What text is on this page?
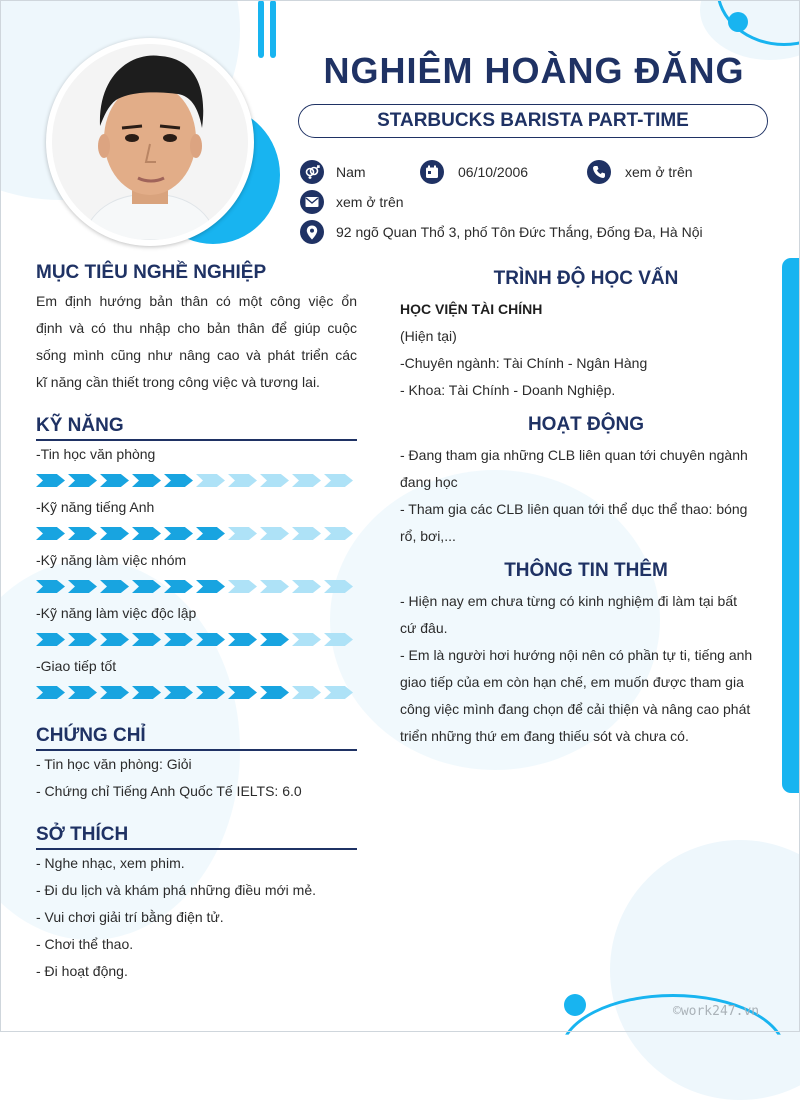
NGHIÊM HOÀNG ĐĂNG
STARBUCKS BARISTA PART-TIME
Nam	06/10/2006	xem ở trên
xem ở trên
92 ngõ Quan Thổ 3, phố Tôn Đức Thắng, Đống Đa, Hà Nội
MỤC TIÊU NGHỀ NGHIỆP
Em định hướng bản thân có một công việc ổn
định và có thu nhập cho bản thân để giúp cuộc
sống mình cũng như nâng cao và phát triển các
kĩ năng cần thiết trong công việc và tương lai.
KỸ NĂNG
-Tin học văn phòng
-Kỹ năng tiếng Anh
-Kỹ năng làm việc nhóm
-Kỹ năng làm việc độc lập
-Giao tiếp tốt
CHỨNG CHỈ
- Tin học văn phòng: Giỏi
- Chứng chỉ Tiếng Anh Quốc Tế IELTS: 6.0
SỞ THÍCH
- Nghe nhạc, xem phim.
- Đi du lịch và khám phá những điều mới mẻ.
- Vui chơi giải trí bằng điện tử.
- Chơi thể thao.
- Đi hoạt động.
TRÌNH ĐỘ HỌC VẤN
HỌC VIỆN TÀI CHÍNH
(Hiện tại)
-Chuyên ngành: Tài Chính - Ngân Hàng
- Khoa: Tài Chính - Doanh Nghiệp.
HOẠT ĐỘNG
- Đang tham gia những CLB liên quan tới chuyên ngành
đang học
- Tham gia các CLB liên quan tới thể dục thể thao: bóng
rổ, bơi,...
THÔNG TIN THÊM
- Hiện nay em chưa từng có kinh nghiệm đi làm tại bất
cứ đâu.
- Em là người hơi hướng nội nên có phần tự ti, tiếng anh
giao tiếp của em còn hạn chế, em muốn được tham gia
công việc mình đang chọn để cải thiện và nâng cao phát
triển những thứ em đang thiếu sót và chưa có.
©work247.vn
